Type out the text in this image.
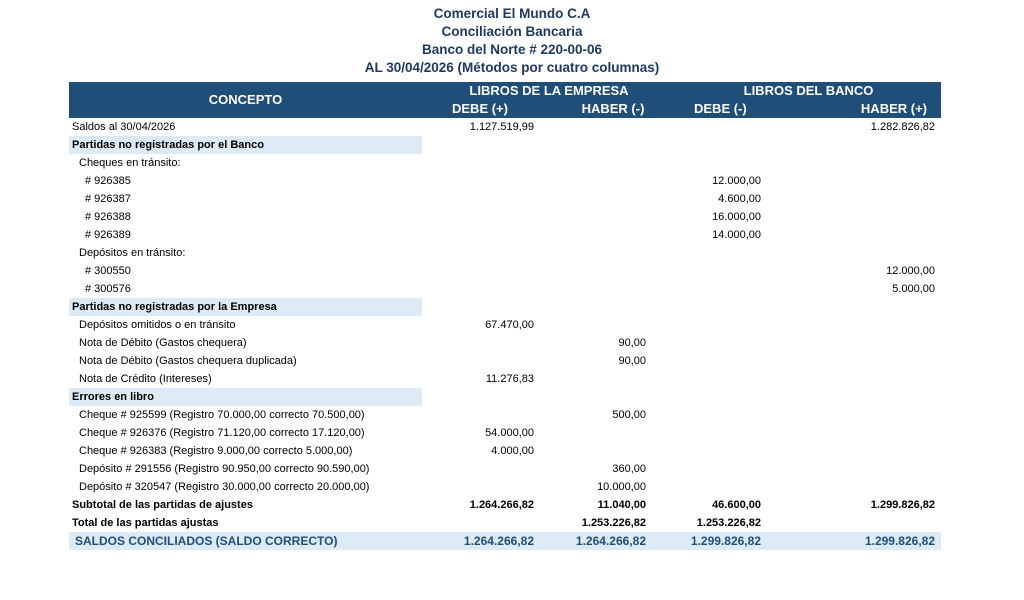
Comercial El Mundo C.A
Conciliación Bancaria
Banco del Norte # 220-00-06
AL 30/04/2026 (Métodos por cuatro columnas)
CONCEPTO	LIBROS DE LA EMPRESA		LIBROS DEL BANCO	
	DEBE (+)	HABER (-)	DEBE (-)	HABER (+)
Saldos al 30/04/2026	1.127.519,99			1.282.826,82
Partidas no registradas por el Banco				
Cheques en tránsito:				
# 926385			12.000,00	
# 926387			4.600,00	
# 926388			16.000,00	
# 926389			14.000,00	
Depósitos en tránsito:				
# 300550				12.000,00
# 300576				5.000,00
Partidas no registradas por la Empresa				
Depósitos omitidos o en tránsito	67.470,00			
Nota de Débito (Gastos chequera)		90,00		
Nota de Débito (Gastos chequera duplicada)		90,00		
Nota de Crédito (Intereses)	11.276,83			
Errores en libro				
Cheque # 925599 (Registro 70.000,00 correcto 70.500,00)		500,00		
Cheque # 926376 (Registro 71.120,00 correcto 17.120,00)	54.000,00			
Cheque # 926383 (Registro 9.000,00 correcto 5.000,00)	4.000,00			
Depósito # 291556 (Registro 90.950,00 correcto 90.590,00)		360,00		
Depósito # 320547 (Registro 30.000,00 correcto 20.000,00)		10.000,00		
Subtotal de las partidas de ajustes	1.264.266,82	11.040,00	46.600,00	1.299.826,82
Total de las partidas ajustas		1.253.226,82	1.253.226,82	
SALDOS CONCILIADOS (SALDO CORRECTO)	1.264.266,82	1.264.266,82	1.299.826,82	1.299.826,82
